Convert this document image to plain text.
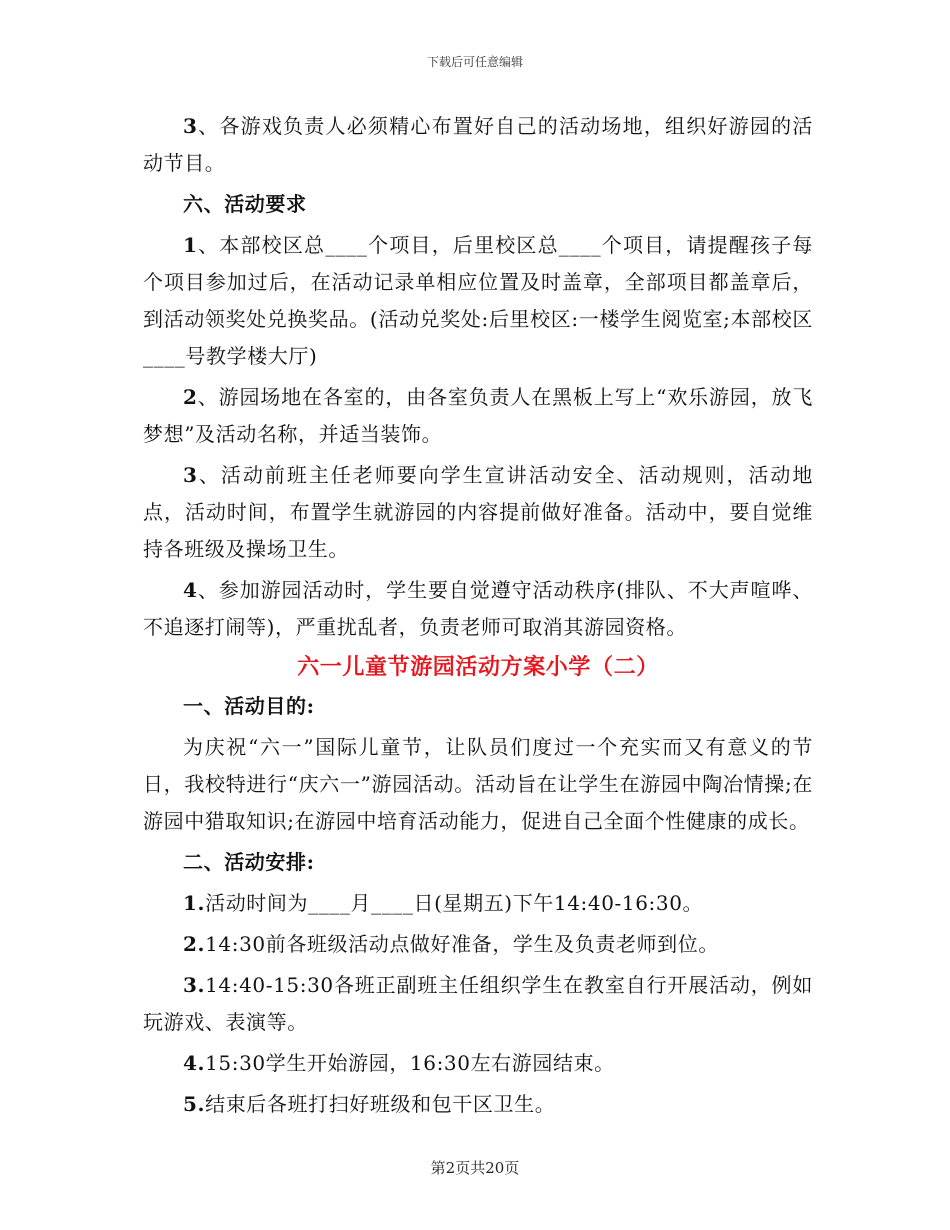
下载后可任意编辑

3、各游戏负责人必须精心布置好自己的活动场地，组织好游园的活动节目。

六、活动要求

1、本部校区总____个项目，后里校区总____个项目，请提醒孩子每个项目参加过后，在活动记录单相应位置及时盖章，全部项目都盖章后，到活动领奖处兑换奖品。(活动兑奖处:后里校区:一楼学生阅览室;本部校区____号教学楼大厅)

2、游园场地在各室的，由各室负责人在黑板上写上“欢乐游园，放飞梦想”及活动名称，并适当装饰。

3、活动前班主任老师要向学生宣讲活动安全、活动规则，活动地点，活动时间，布置学生就游园的内容提前做好准备。活动中，要自觉维持各班级及操场卫生。

4、参加游园活动时，学生要自觉遵守活动秩序(排队、不大声喧哗、不追逐打闹等)，严重扰乱者，负责老师可取消其游园资格。

六一儿童节游园活动方案小学（二）
一、活动目的:

为庆祝“六一”国际儿童节，让队员们度过一个充实而又有意义的节日，我校特进行“庆六一”游园活动。活动旨在让学生在游园中陶冶情操;在游园中猎取知识;在游园中培育活动能力，促进自己全面个性健康的成长。

二、活动安排:

1.活动时间为____月____日(星期五)下午14:40-16:30。

2.14:30前各班级活动点做好准备，学生及负责老师到位。

3.14:40-15:30各班正副班主任组织学生在教室自行开展活动，例如玩游戏、表演等。

4.15:30学生开始游园，16:30左右游园结束。

5.结束后各班打扫好班级和包干区卫生。

第2页共20页
